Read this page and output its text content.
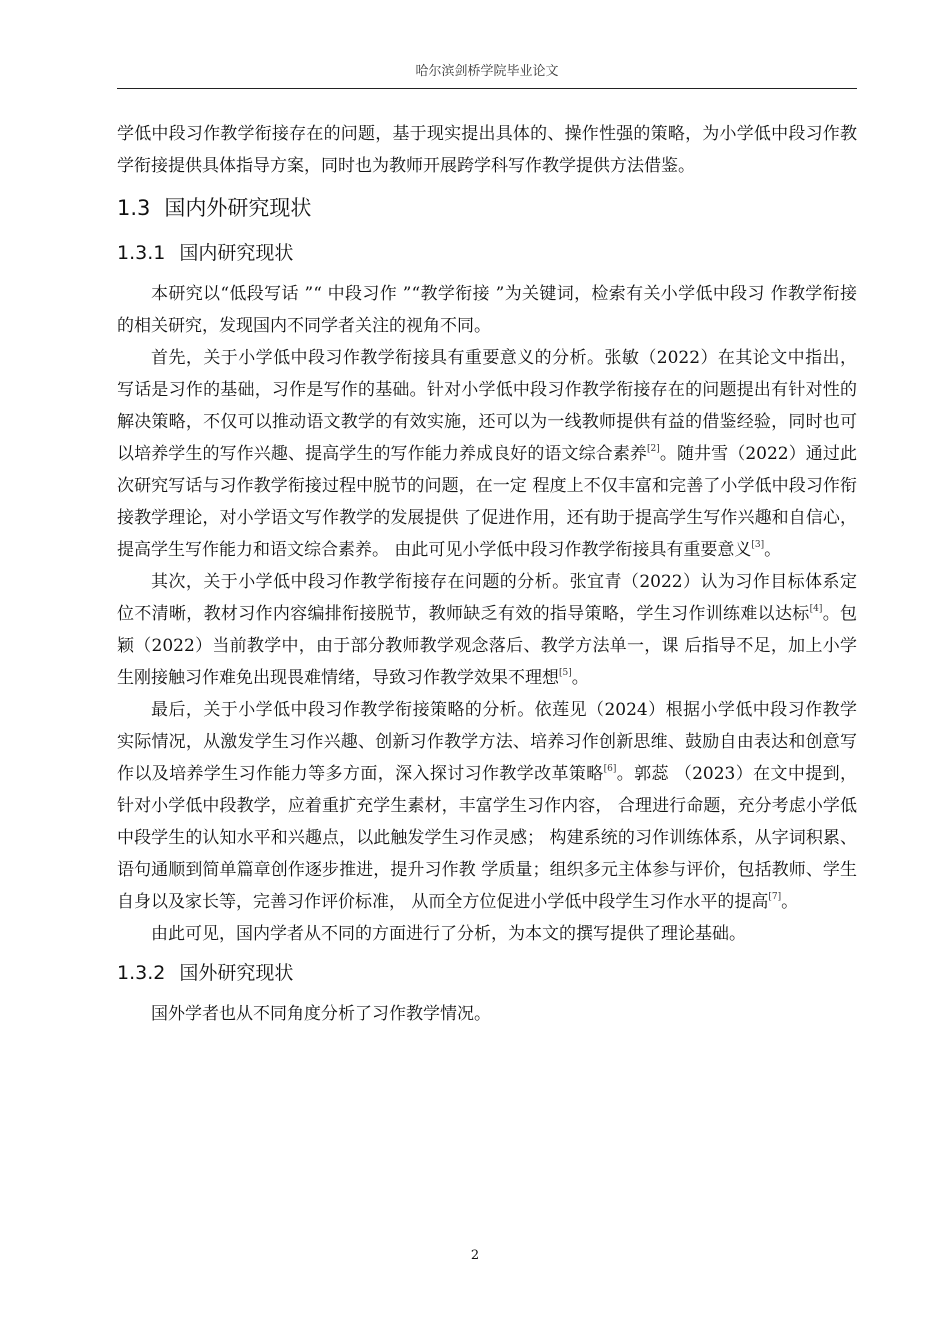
哈尔滨剑桥学院毕业论文

学低中段习作教学衔接存在的问题，基于现实提出具体的、操作性强的策略，为小学低中段习作教学衔接提供具体指导方案，同时也为教师开展跨学科写作教学提供方法借鉴。

1.3 国内外研究现状
1.3.1 国内研究现状

本研究以“低段写话 ”“ 中段习作 ”“教学衔接 ”为关键词，检索有关小学低中段习 作教学衔接的相关研究，发现国内不同学者关注的视角不同。

首先，关于小学低中段习作教学衔接具有重要意义的分析。张敏（2022）在其论文中指出，写话是习作的基础，习作是写作的基础。针对小学低中段习作教学衔接存在的问题提出有针对性的解决策略，不仅可以推动语文教学的有效实施，还可以为一线教师提供有益的借鉴经验，同时也可以培养学生的写作兴趣、提高学生的写作能力养成良好的语文综合素养[2]。随井雪（2022）通过此次研究写话与习作教学衔接过程中脱节的问题，在一定 程度上不仅丰富和完善了小学低中段习作衔接教学理论，对小学语文写作教学的发展提供 了促进作用，还有助于提高学生写作兴趣和自信心，提高学生写作能力和语文综合素养。 由此可见小学低中段习作教学衔接具有重要意义[3]。

其次，关于小学低中段习作教学衔接存在问题的分析。张宜青（2022）认为习作目标体系定位不清晰，教材习作内容编排衔接脱节，教师缺乏有效的指导策略，学生习作训练难以达标[4]。包颖（2022）当前教学中，由于部分教师教学观念落后、教学方法单一，课 后指导不足，加上小学生刚接触习作难免出现畏难情绪，导致习作教学效果不理想[5]。

最后，关于小学低中段习作教学衔接策略的分析。依莲见（2024）根据小学低中段习作教学实际情况，从激发学生习作兴趣、创新习作教学方法、培养习作创新思维、鼓励自由表达和创意写作以及培养学生习作能力等多方面，深入探讨习作教学改革策略[6]。郭蕊 （2023）在文中提到，针对小学低中段教学，应着重扩充学生素材，丰富学生习作内容， 合理进行命题，充分考虑小学低中段学生的认知水平和兴趣点，以此触发学生习作灵感； 构建系统的习作训练体系，从字词积累、语句通顺到简单篇章创作逐步推进，提升习作教 学质量；组织多元主体参与评价，包括教师、学生自身以及家长等，完善习作评价标准， 从而全方位促进小学低中段学生习作水平的提高[7]。

由此可见，国内学者从不同的方面进行了分析，为本文的撰写提供了理论基础。

1.3.2 国外研究现状

国外学者也从不同角度分析了习作教学情况。

2
